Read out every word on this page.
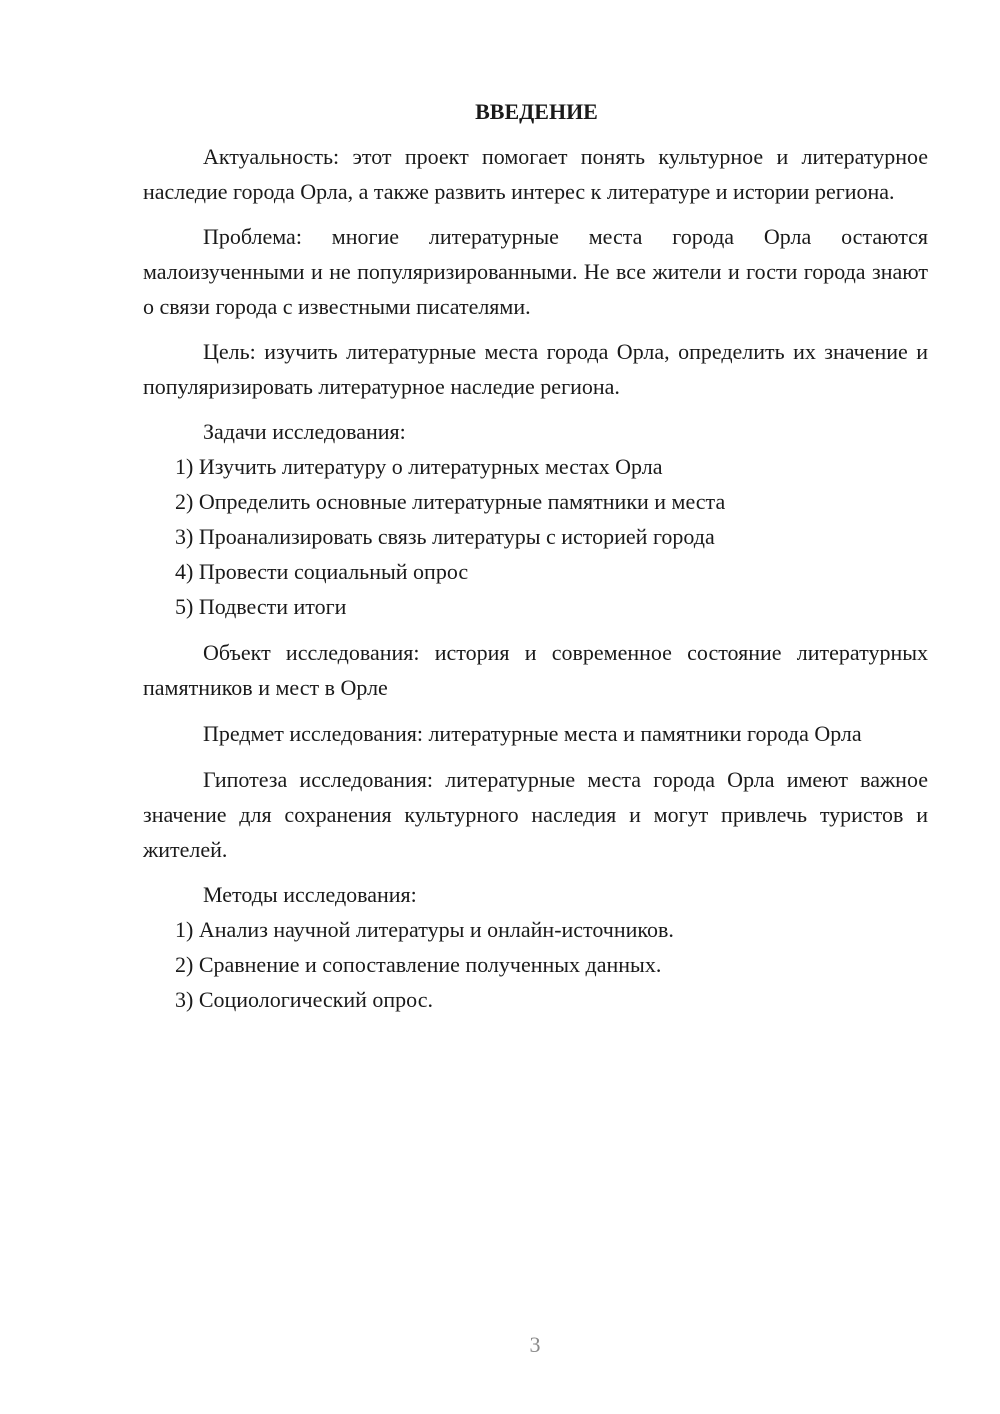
ВВЕДЕНИЕ

Актуальность: этот проект помогает понять культурное и литературное наследие города Орла, а также развить интерес к литературе и истории региона.

Проблема: многие литературные места города Орла остаются малоизученными и не популяризированными. Не все жители и гости города знают о связи города с известными писателями.

Цель: изучить литературные места города Орла, определить их значение и популяризировать литературное наследие региона.

Задачи исследования:

1) Изучить литературу о литературных местах Орла

2) Определить основные литературные памятники и места

3) Проанализировать связь литературы с историей города

4) Провести социальный опрос

5) Подвести итоги

Объект исследования: история и современное состояние литературных памятников и мест в Орле

Предмет исследования: литературные места и памятники города Орла

Гипотеза исследования: литературные места города Орла имеют важное значение для сохранения культурного наследия и могут привлечь туристов и жителей.

Методы исследования:

1) Анализ научной литературы и онлайн-источников.

2) Сравнение и сопоставление полученных данных.

3) Социологический опрос.

3
